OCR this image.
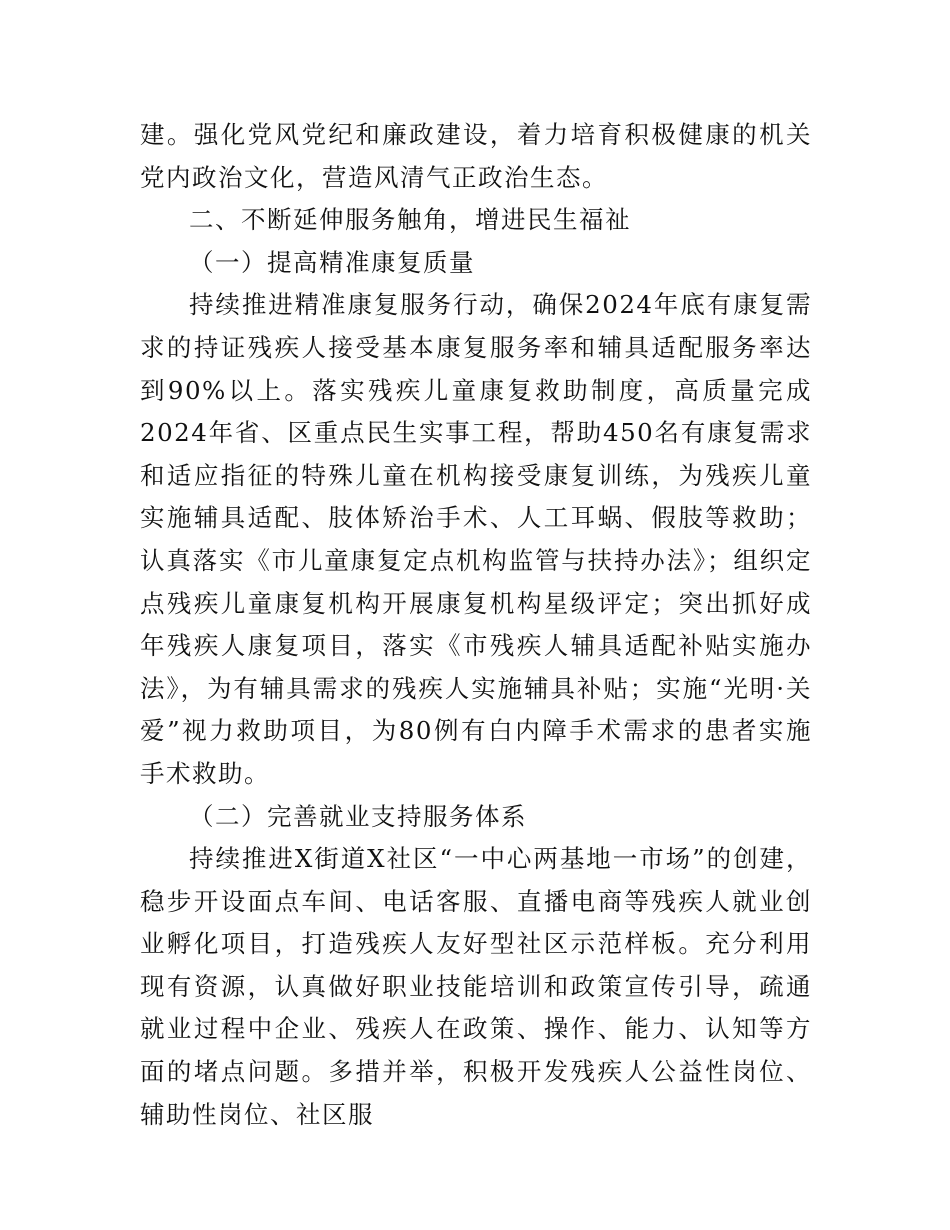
建。强化党风党纪和廉政建设，着力培育积极健康的机关党内政治文化，营造风清气正政治生态。

二、不断延伸服务触角，增进民生福祉

（一）提高精准康复质量

持续推进精准康复服务行动，确保2024年底有康复需求的持证残疾人接受基本康复服务率和辅具适配服务率达到90%以上。落实残疾儿童康复救助制度，高质量完成2024年省、区重点民生实事工程，帮助450名有康复需求和适应指征的特殊儿童在机构接受康复训练，为残疾儿童实施辅具适配、肢体矫治手术、人工耳蜗、假肢等救助；认真落实《市儿童康复定点机构监管与扶持办法》；组织定点残疾儿童康复机构开展康复机构星级评定；突出抓好成年残疾人康复项目，落实《市残疾人辅具适配补贴实施办法》，为有辅具需求的残疾人实施辅具补贴；实施“光明·关爱”视力救助项目，为80例有白内障手术需求的患者实施手术救助。

（二）完善就业支持服务体系

持续推进X街道X社区“一中心两基地一市场”的创建，稳步开设面点车间、电话客服、直播电商等残疾人就业创业孵化项目，打造残疾人友好型社区示范样板。充分利用现有资源，认真做好职业技能培训和政策宣传引导，疏通就业过程中企业、残疾人在政策、操作、能力、认知等方面的堵点问题。多措并举，积极开发残疾人公益性岗位、辅助性岗位、社区服
